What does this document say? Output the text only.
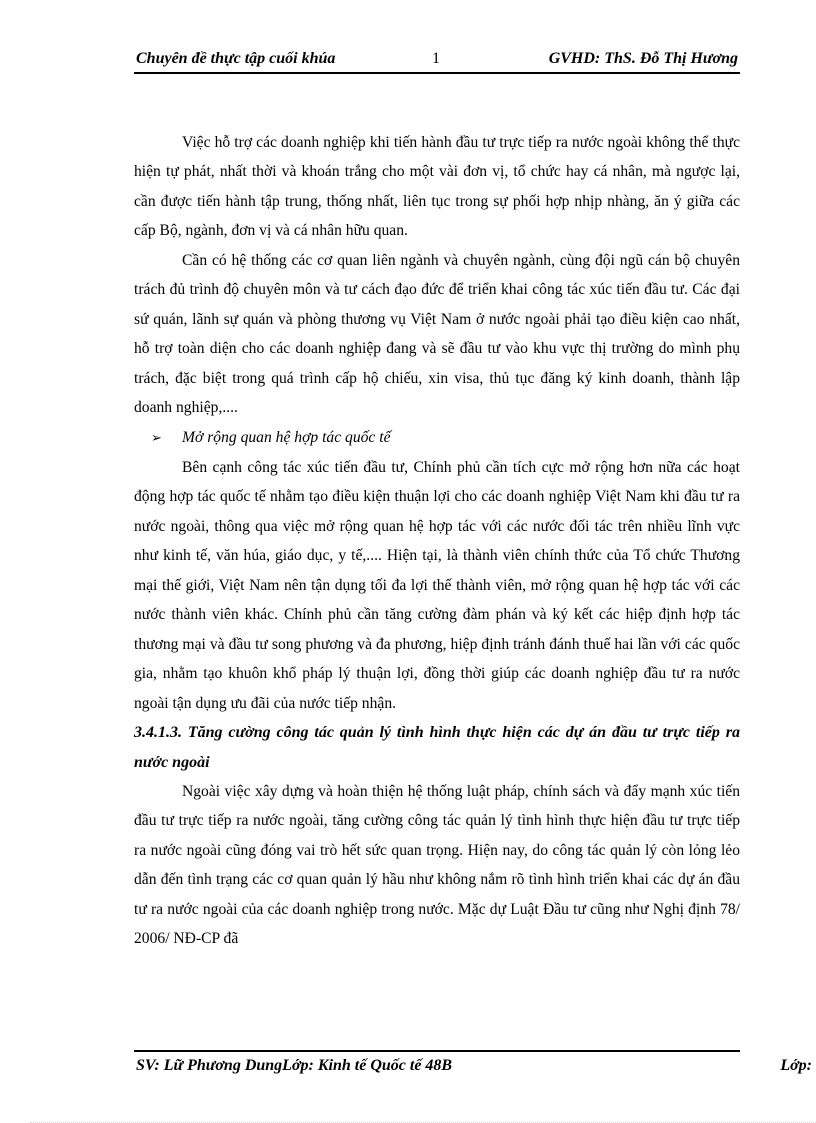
Chuyên đề thực tập cuối khúa	1	GVHD: ThS. Đỗ Thị Hương

Việc hỗ trợ các doanh nghiệp khi tiến hành đầu tư trực tiếp ra nước ngoài không thể thực hiện tự phát, nhất thời và khoán trắng cho một vài đơn vị, tổ chức hay cá nhân, mà ngược lại, cần được tiến hành tập trung, thống nhất, liên tục trong sự phối hợp nhịp nhàng, ăn ý giữa các cấp Bộ, ngành, đơn vị và cá nhân hữu quan.

Cần có hệ thống các cơ quan liên ngành và chuyên ngành, cùng đội ngũ cán bộ chuyên trách đủ trình độ chuyên môn và tư cách đạo đức để triển khai công tác xúc tiến đầu tư. Các đại sứ quán, lãnh sự quán và phòng thương vụ Việt Nam ở nước ngoài phải tạo điều kiện cao nhất, hỗ trợ toàn diện cho các doanh nghiệp đang và sẽ đầu tư vào khu vực thị trường do mình phụ trách, đặc biệt trong quá trình cấp hộ chiếu, xin visa, thủ tục đăng ký kinh doanh, thành lập doanh nghiệp,....

➢ Mở rộng quan hệ hợp tác quốc tế

Bên cạnh công tác xúc tiến đầu tư, Chính phủ cần tích cực mở rộng hơn nữa các hoạt động hợp tác quốc tế nhằm tạo điều kiện thuận lợi cho các doanh nghiệp Việt Nam khi đầu tư ra nước ngoài, thông qua việc mở rộng quan hệ hợp tác với các nước đối tác trên nhiều lĩnh vực như kinh tế, văn húa, giáo dục, y tế,.... Hiện tại, là thành viên chính thức của Tổ chức Thương mại thế giới, Việt Nam nên tận dụng tối đa lợi thế thành viên, mở rộng quan hệ hợp tác với các nước thành viên khác. Chính phủ cần tăng cường đàm phán và ký kết các hiệp định hợp tác thương mại và đầu tư song phương và đa phương, hiệp định tránh đánh thuế hai lần với các quốc gia, nhằm tạo khuôn khổ pháp lý thuận lợi, đồng thời giúp các doanh nghiệp đầu tư ra nước ngoài tận dụng ưu đãi của nước tiếp nhận.

3.4.1.3. Tăng cường công tác quản lý tình hình thực hiện các dự án đầu tư trực tiếp ra nước ngoài

Ngoài việc xây dựng và hoàn thiện hệ thống luật pháp, chính sách và đẩy mạnh xúc tiến đầu tư trực tiếp ra nước ngoài, tăng cường công tác quản lý tình hình thực hiện đầu tư trực tiếp ra nước ngoài cũng đóng vai trò hết sức quan trọng. Hiện nay, do công tác quản lý còn lỏng lẻo dẫn đến tình trạng các cơ quan quản lý hầu như không nắm rõ tình hình triển khai các dự án đầu tư ra nước ngoài của các doanh nghiệp trong nước. Mặc dự Luật Đầu tư cũng như Nghị định 78/ 2006/ NĐ-CP đã

SV: Lữ Phương DungLớp: Kinh tế Quốc tế 48B	Lớp:
